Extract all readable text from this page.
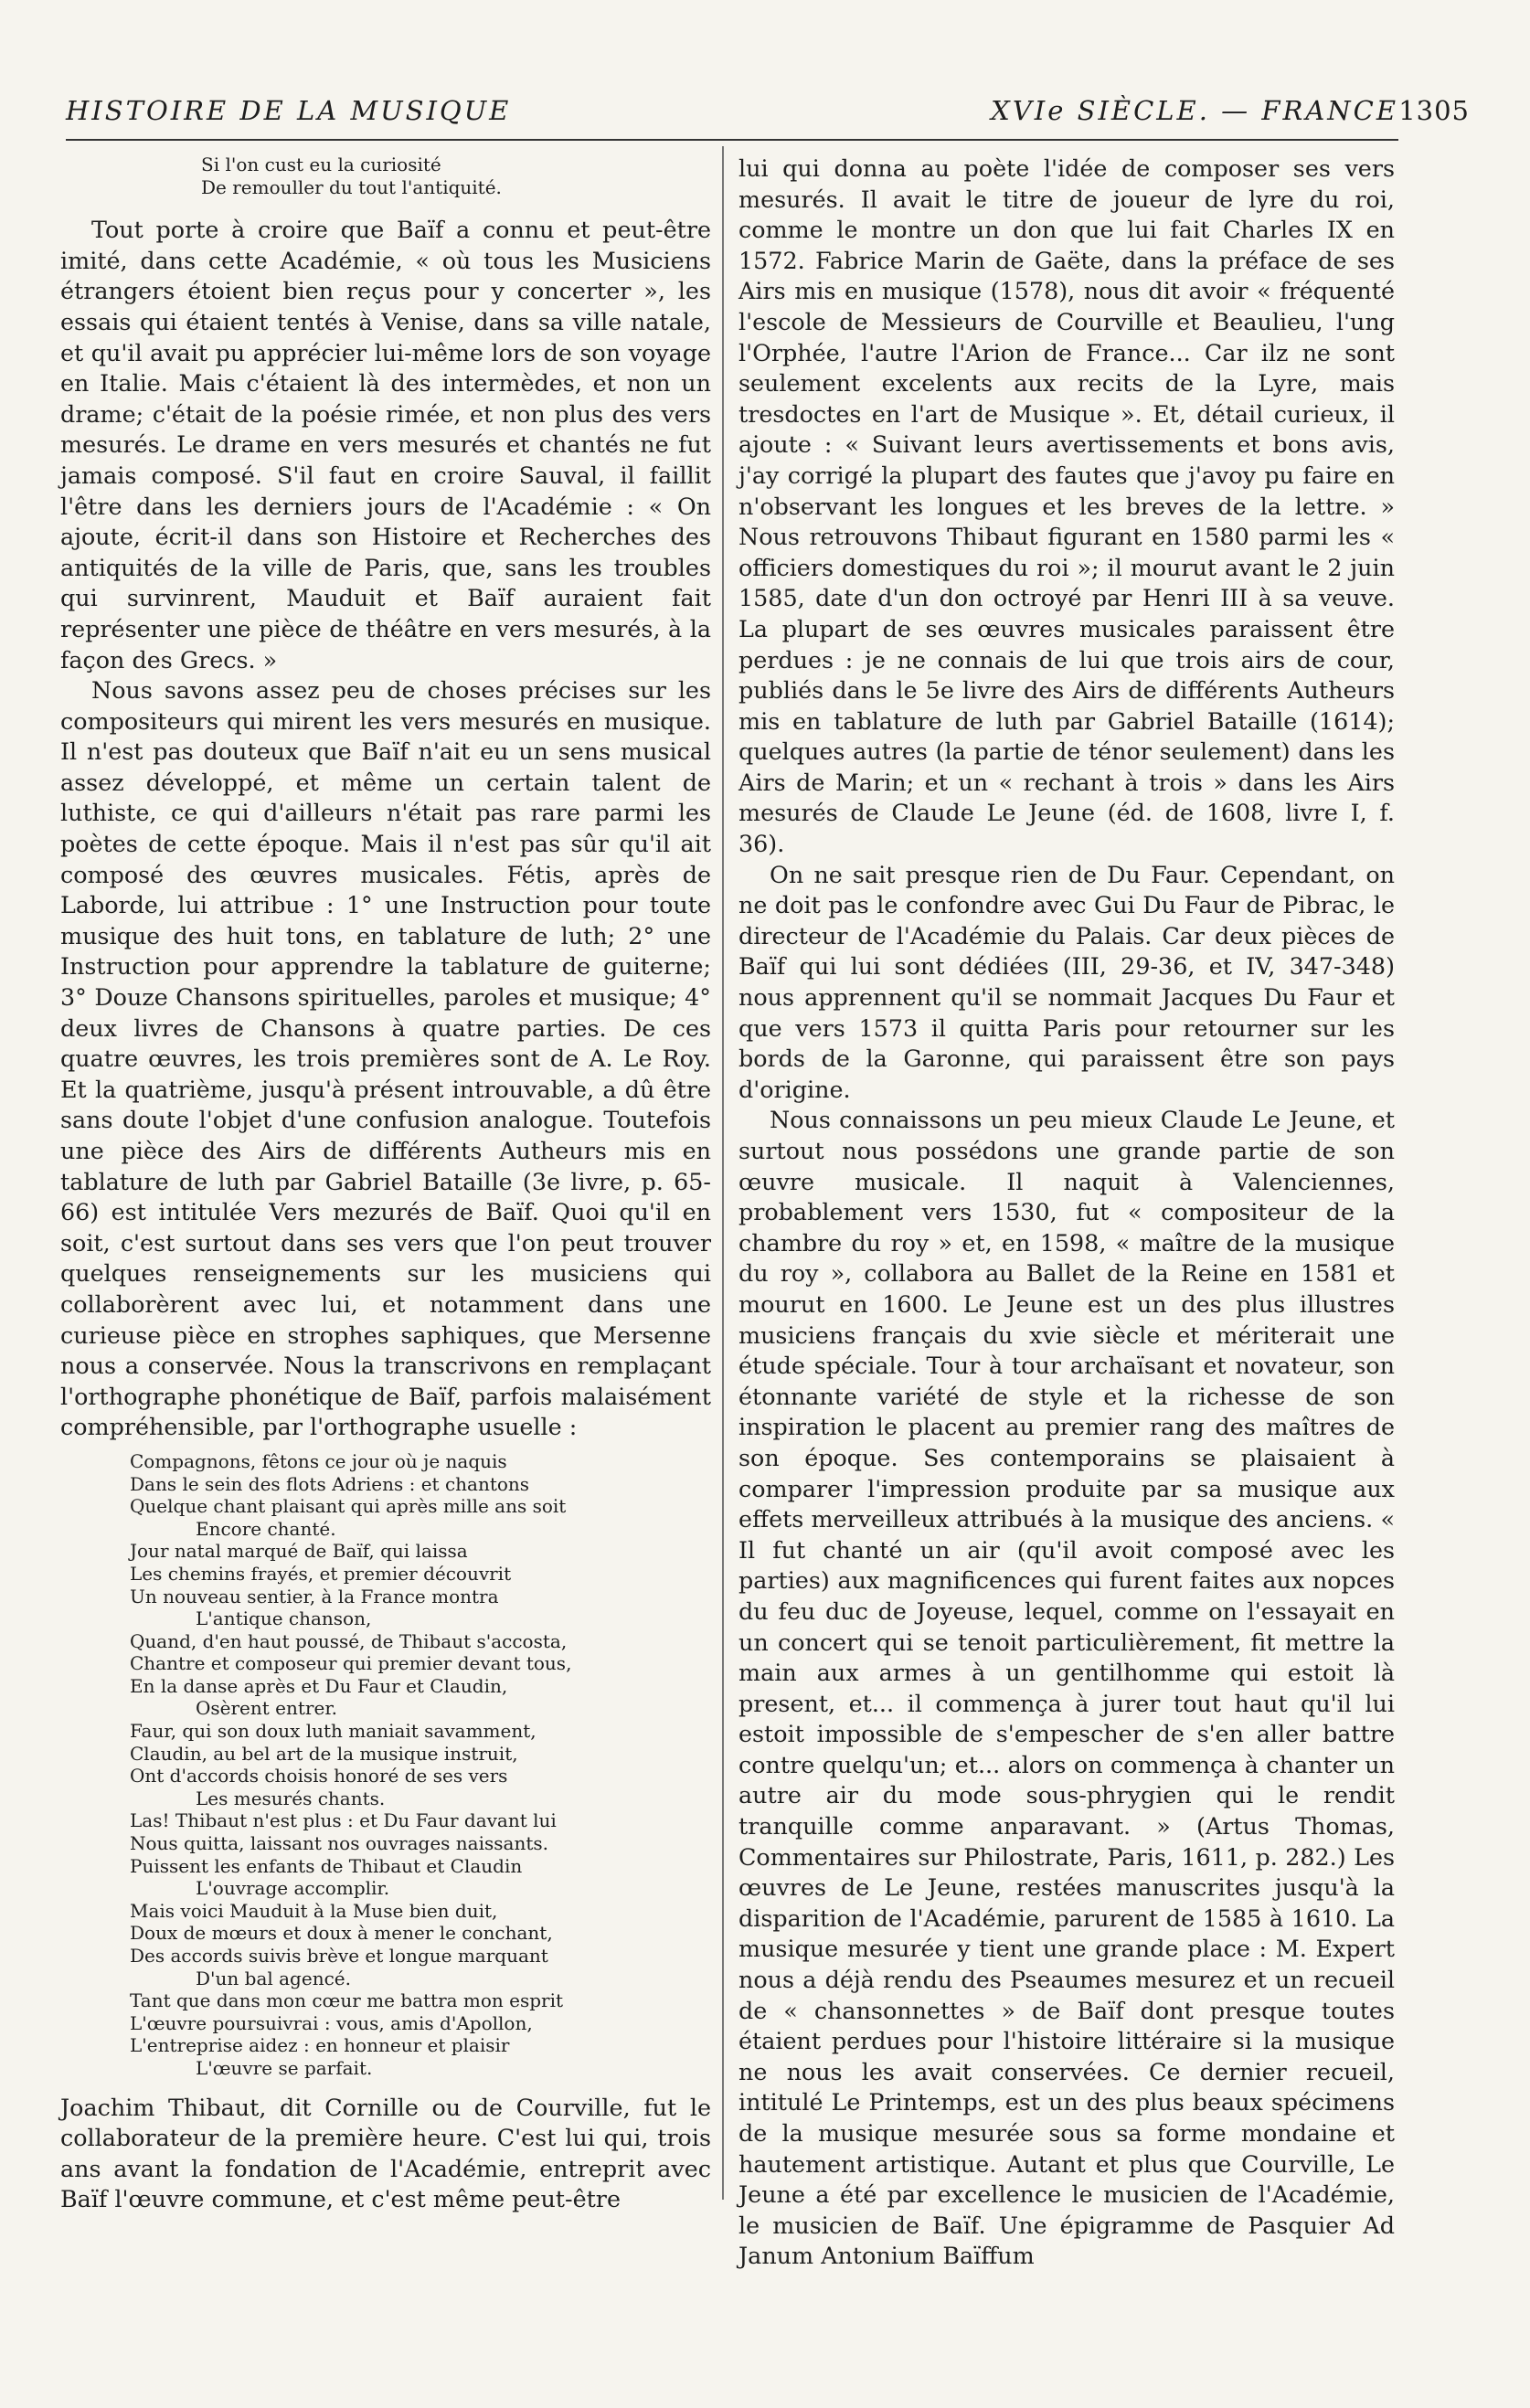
HISTOIRE DE LA MUSIQUE	XVIe SIÈCLE. — FRANCE 1305
Si l'on cust eu la curiosité
De remouller du tout l'antiquité.

Tout porte à croire que Baïf a connu et peut-être imité, dans cette Académie, « où tous les Musiciens étrangers étoient bien reçus pour y concerter », les essais qui étaient tentés à Venise, dans sa ville natale, et qu'il avait pu apprécier lui-même lors de son voyage en Italie. Mais c'étaient là des intermèdes, et non un drame; c'était de la poésie rimée, et non plus des vers mesurés. Le drame en vers mesurés et chantés ne fut jamais composé. S'il faut en croire Sauval, il faillit l'être dans les derniers jours de l'Académie : « On ajoute, écrit-il dans son Histoire et Recherches des antiquités de la ville de Paris, que, sans les troubles qui survinrent, Mauduit et Baïf auraient fait représenter une pièce de théâtre en vers mesurés, à la façon des Grecs. »

Nous savons assez peu de choses précises sur les compositeurs qui mirent les vers mesurés en musique. Il n'est pas douteux que Baïf n'ait eu un sens musical assez développé, et même un certain talent de luthiste, ce qui d'ailleurs n'était pas rare parmi les poètes de cette époque. Mais il n'est pas sûr qu'il ait composé des œuvres musicales. Fétis, après de Laborde, lui attribue : 1° une Instruction pour toute musique des huit tons, en tablature de luth; 2° une Instruction pour apprendre la tablature de guiterne; 3° Douze Chansons spirituelles, paroles et musique; 4° deux livres de Chansons à quatre parties. De ces quatre œuvres, les trois premières sont de A. Le Roy. Et la quatrième, jusqu'à présent introuvable, a dû être sans doute l'objet d'une confusion analogue. Toutefois une pièce des Airs de différents Autheurs mis en tablature de luth par Gabriel Bataille (3e livre, p. 65-66) est intitulée Vers mezurés de Baïf. Quoi qu'il en soit, c'est surtout dans ses vers que l'on peut trouver quelques renseignements sur les musiciens qui collaborèrent avec lui, et notamment dans une curieuse pièce en strophes saphiques, que Mersenne nous a conservée. Nous la transcrivons en remplaçant l'orthographe phonétique de Baïf, parfois malaisément compréhensible, par l'orthographe usuelle :

Compagnons, fêtons ce jour où je naquis
Dans le sein des flots Adriens : et chantons
Quelque chant plaisant qui après mille ans soit
Encore chanté.
Jour natal marqué de Baïf, qui laissa
Les chemins frayés, et premier découvrit
Un nouveau sentier, à la France montra
L'antique chanson,
Quand, d'en haut poussé, de Thibaut s'accosta,
Chantre et composeur qui premier devant tous,
En la danse après et Du Faur et Claudin,
Osèrent entrer.
Faur, qui son doux luth maniait savamment,
Claudin, au bel art de la musique instruit,
Ont d'accords choisis honoré de ses vers
Les mesurés chants.
Las! Thibaut n'est plus : et Du Faur davant lui
Nous quitta, laissant nos ouvrages naissants.
Puissent les enfants de Thibaut et Claudin
L'ouvrage accomplir.
Mais voici Mauduit à la Muse bien duit,
Doux de mœurs et doux à mener le conchant,
Des accords suivis brève et longue marquant
D'un bal agencé.
Tant que dans mon cœur me battra mon esprit
L'œuvre poursuivrai : vous, amis d'Apollon,
L'entreprise aidez : en honneur et plaisir
L'œuvre se parfait.

Joachim Thibaut, dit Cornille ou de Courville, fut le collaborateur de la première heure. C'est lui qui, trois ans avant la fondation de l'Académie, entreprit avec Baïf l'œuvre commune, et c'est même peut-être

lui qui donna au poète l'idée de composer ses vers mesurés. Il avait le titre de joueur de lyre du roi, comme le montre un don que lui fait Charles IX en 1572. Fabrice Marin de Gaëte, dans la préface de ses Airs mis en musique (1578), nous dit avoir « fréquenté l'escole de Messieurs de Courville et Beaulieu, l'ung l'Orphée, l'autre l'Arion de France... Car ilz ne sont seulement excelents aux recits de la Lyre, mais tresdoctes en l'art de Musique ». Et, détail curieux, il ajoute : « Suivant leurs avertissements et bons avis, j'ay corrigé la plupart des fautes que j'avoy pu faire en n'observant les longues et les breves de la lettre. » Nous retrouvons Thibaut figurant en 1580 parmi les « officiers domestiques du roi »; il mourut avant le 2 juin 1585, date d'un don octroyé par Henri III à sa veuve. La plupart de ses œuvres musicales paraissent être perdues : je ne connais de lui que trois airs de cour, publiés dans le 5e livre des Airs de différents Autheurs mis en tablature de luth par Gabriel Bataille (1614); quelques autres (la partie de ténor seulement) dans les Airs de Marin; et un « rechant à trois » dans les Airs mesurés de Claude Le Jeune (éd. de 1608, livre I, f. 36).

On ne sait presque rien de Du Faur. Cependant, on ne doit pas le confondre avec Gui Du Faur de Pibrac, le directeur de l'Académie du Palais. Car deux pièces de Baïf qui lui sont dédiées (III, 29-36, et IV, 347-348) nous apprennent qu'il se nommait Jacques Du Faur et que vers 1573 il quitta Paris pour retourner sur les bords de la Garonne, qui paraissent être son pays d'origine.

Nous connaissons un peu mieux Claude Le Jeune, et surtout nous possédons une grande partie de son œuvre musicale. Il naquit à Valenciennes, probablement vers 1530, fut « compositeur de la chambre du roy » et, en 1598, « maître de la musique du roy », collabora au Ballet de la Reine en 1581 et mourut en 1600. Le Jeune est un des plus illustres musiciens français du xvie siècle et mériterait une étude spéciale. Tour à tour archaïsant et novateur, son étonnante variété de style et la richesse de son inspiration le placent au premier rang des maîtres de son époque. Ses contemporains se plaisaient à comparer l'impression produite par sa musique aux effets merveilleux attribués à la musique des anciens. « Il fut chanté un air (qu'il avoit composé avec les parties) aux magnificences qui furent faites aux nopces du feu duc de Joyeuse, lequel, comme on l'essayait en un concert qui se tenoit particulièrement, fit mettre la main aux armes à un gentilhomme qui estoit là present, et... il commença à jurer tout haut qu'il lui estoit impossible de s'empescher de s'en aller battre contre quelqu'un; et... alors on commença à chanter un autre air du mode sous-phrygien qui le rendit tranquille comme anparavant. » (Artus Thomas, Commentaires sur Philostrate, Paris, 1611, p. 282.) Les œuvres de Le Jeune, restées manuscrites jusqu'à la disparition de l'Académie, parurent de 1585 à 1610. La musique mesurée y tient une grande place : M. Expert nous a déjà rendu des Pseaumes mesurez et un recueil de « chansonnettes » de Baïf dont presque toutes étaient perdues pour l'histoire littéraire si la musique ne nous les avait conservées. Ce dernier recueil, intitulé Le Printemps, est un des plus beaux spécimens de la musique mesurée sous sa forme mondaine et hautement artistique. Autant et plus que Courville, Le Jeune a été par excellence le musicien de l'Académie, le musicien de Baïf. Une épigramme de Pasquier Ad Janum Antonium Baïffum
